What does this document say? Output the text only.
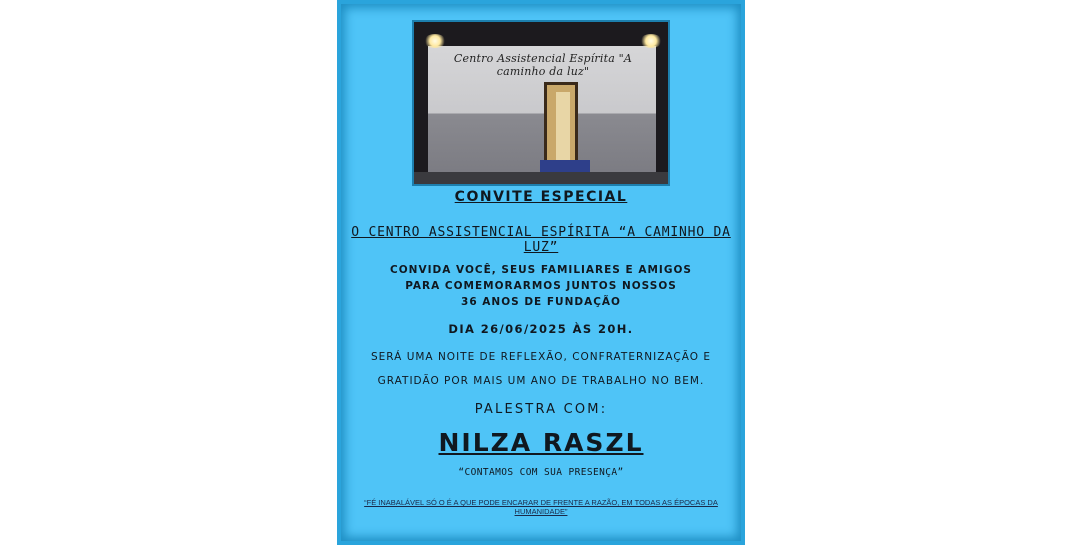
Centro Assistencial Espírita "A caminho da luz"
CONVITE ESPECIAL
O CENTRO ASSISTENCIAL ESPÍRITA “A CAMINHO DA LUZ”
CONVIDA VOCÊ, SEUS FAMILIARES E AMIGOS
PARA COMEMORARMOS JUNTOS NOSSOS
36 ANOS DE FUNDAÇÃO
DIA 26/06/2025 ÀS 20H.
SERÁ UMA NOITE DE REFLEXÃO, CONFRATERNIZAÇÃO E
GRATIDÃO POR MAIS UM ANO DE TRABALHO NO BEM.
PALESTRA COM:
NILZA RASZL
“CONTAMOS COM SUA PRESENÇA”
“FÉ INABALÁVEL SÓ O É A QUE PODE ENCARAR DE FRENTE A RAZÃO, EM TODAS AS ÉPOCAS DA HUMANIDADE”
